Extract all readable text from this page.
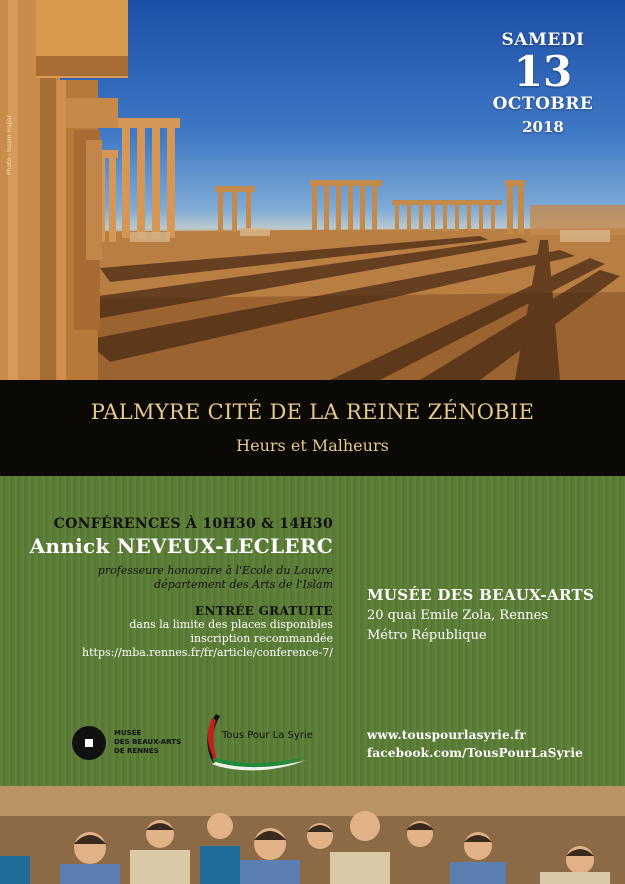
Photo : Issam Hajjar
SAMEDI
13
OCTOBRE
2018
PALMYRE CITÉ DE LA REINE ZÉNOBIE
Heurs et Malheurs
CONFÉRENCES À 10H30 & 14H30
Annick NEVEUX-LECLERC
professeure honoraire à l'Ecole du Louvre
département des Arts de l'Islam
ENTRÉE GRATUITE
dans la limite des places disponibles
inscription recommandée
https://mba.rennes.fr/fr/article/conference-7/
MUSÉE DES BEAUX-ARTS
20 quai Emile Zola, Rennes
Métro République
MUSÉE
DES BEAUX-ARTS
DE RENNES
Tous Pour La Syrie	www.touspourlasyrie.fr
facebook.com/TousPourLaSyrie
